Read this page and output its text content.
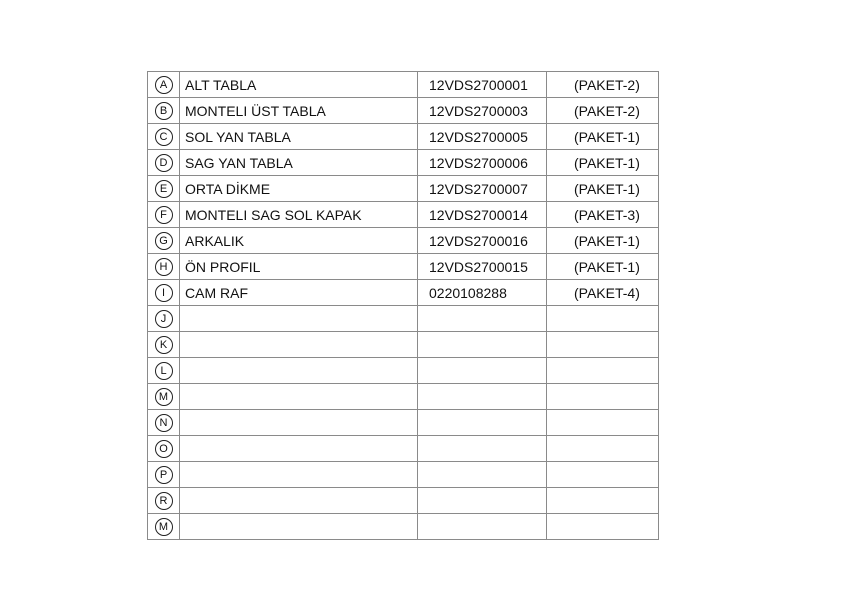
A	ALT TABLA	12VDS2700001	(PAKET-2)
B	MONTELI ÜST TABLA	12VDS2700003	(PAKET-2)
C	SOL YAN TABLA	12VDS2700005	(PAKET-1)
D	SAG YAN TABLA	12VDS2700006	(PAKET-1)
E	ORTA DİKME	12VDS2700007	(PAKET-1)
F	MONTELI SAG SOL KAPAK	12VDS2700014	(PAKET-3)
G	ARKALIK	12VDS2700016	(PAKET-1)
H	ÖN PROFIL	12VDS2700015	(PAKET-1)
I	CAM RAF	0220108288	(PAKET-4)
J			
K			
L			
M			
N			
O			
P			
R			
M			
